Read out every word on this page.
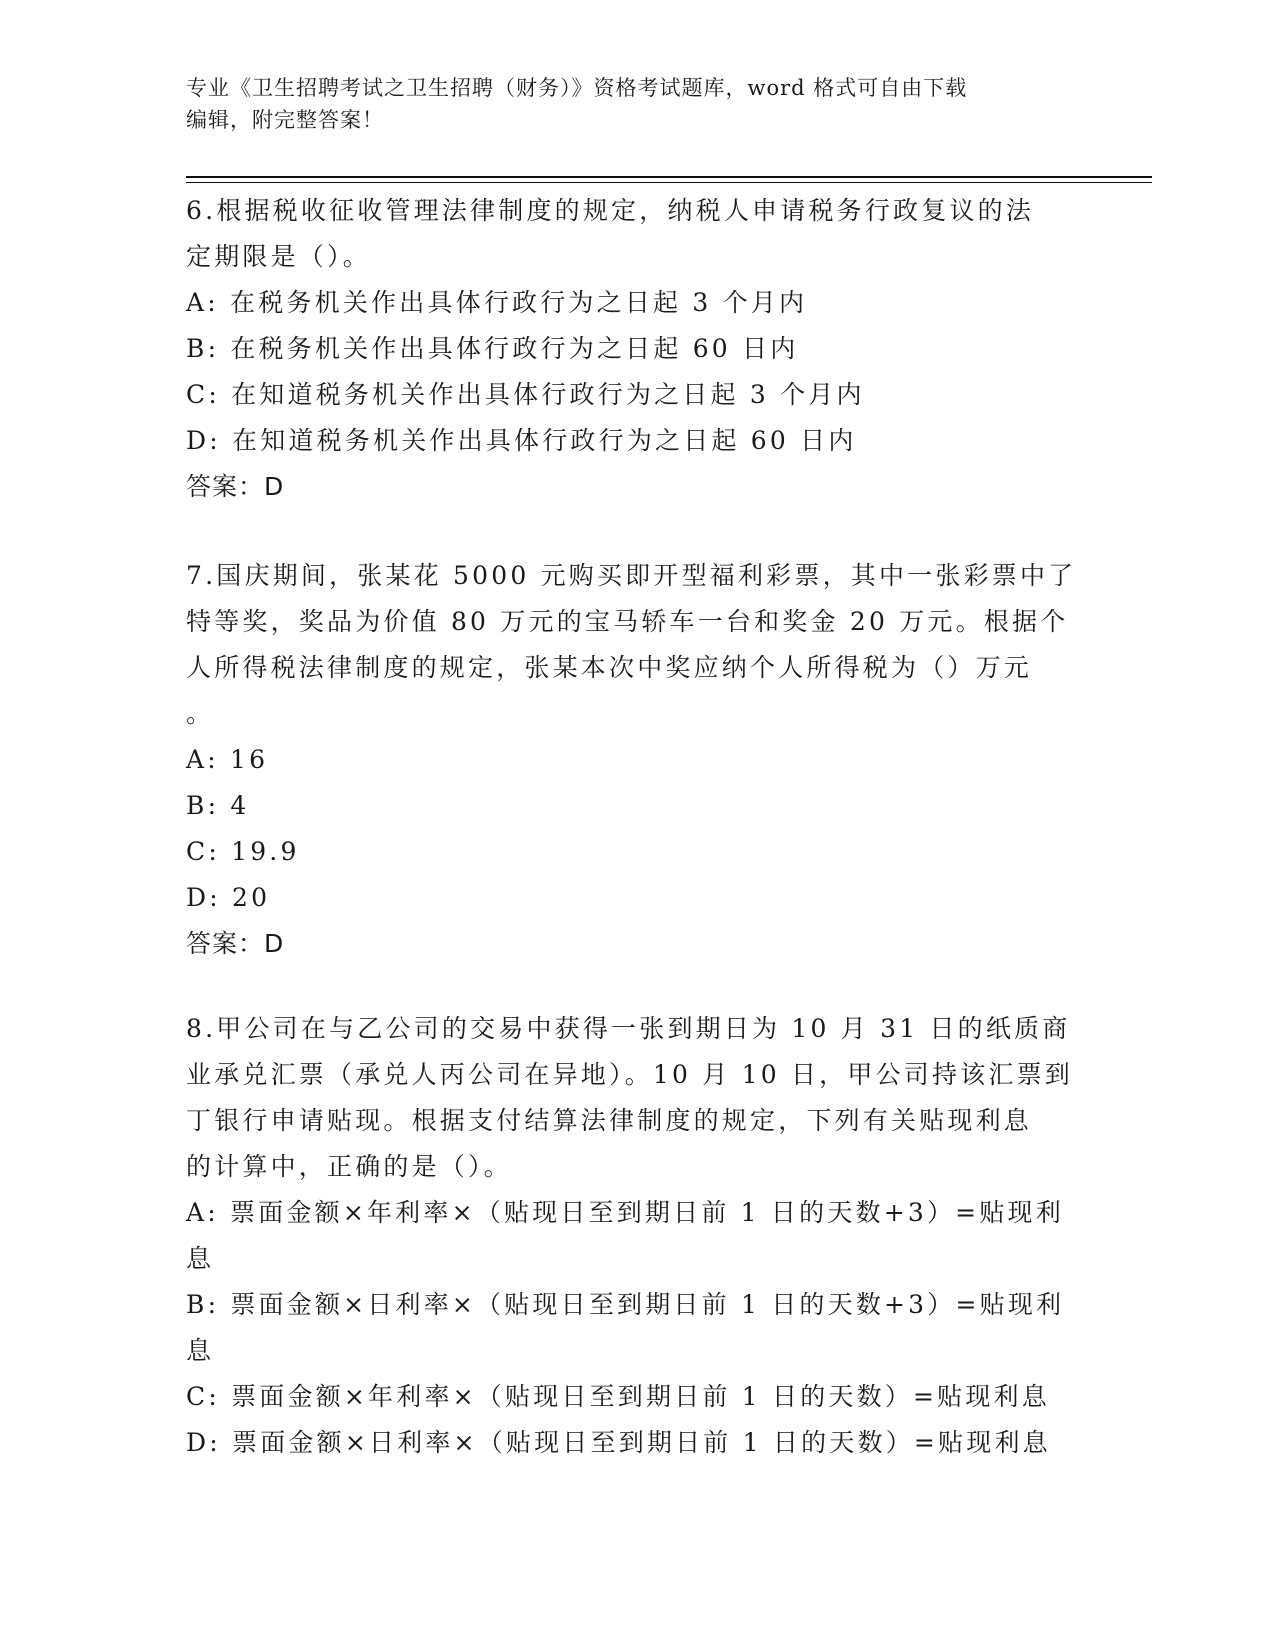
专业《卫生招聘考试之卫生招聘（财务）》资格考试题库，word 格式可自由下载
编辑，附完整答案！
6.根据税收征收管理法律制度的规定，纳税人申请税务行政复议的法
定期限是（）。
A: 在税务机关作出具体行政行为之日起 3 个月内
B: 在税务机关作出具体行政行为之日起 60 日内
C: 在知道税务机关作出具体行政行为之日起 3 个月内
D: 在知道税务机关作出具体行政行为之日起 60 日内
答案：D
7.国庆期间，张某花 5000 元购买即开型福利彩票，其中一张彩票中了
特等奖，奖品为价值 80 万元的宝马轿车一台和奖金 20 万元。根据个
人所得税法律制度的规定，张某本次中奖应纳个人所得税为（）万元
。
A: 16
B: 4
C: 19.9
D: 20
答案：D
8.甲公司在与乙公司的交易中获得一张到期日为 10 月 31 日的纸质商
业承兑汇票（承兑人丙公司在异地）。10 月 10 日，甲公司持该汇票到
丁银行申请贴现。根据支付结算法律制度的规定，下列有关贴现利息
的计算中，正确的是（）。
A: 票面金额×年利率×（贴现日至到期日前 1 日的天数+3）=贴现利
息
B: 票面金额×日利率×（贴现日至到期日前 1 日的天数+3）=贴现利
息
C: 票面金额×年利率×（贴现日至到期日前 1 日的天数）=贴现利息
D: 票面金额×日利率×（贴现日至到期日前 1 日的天数）=贴现利息
